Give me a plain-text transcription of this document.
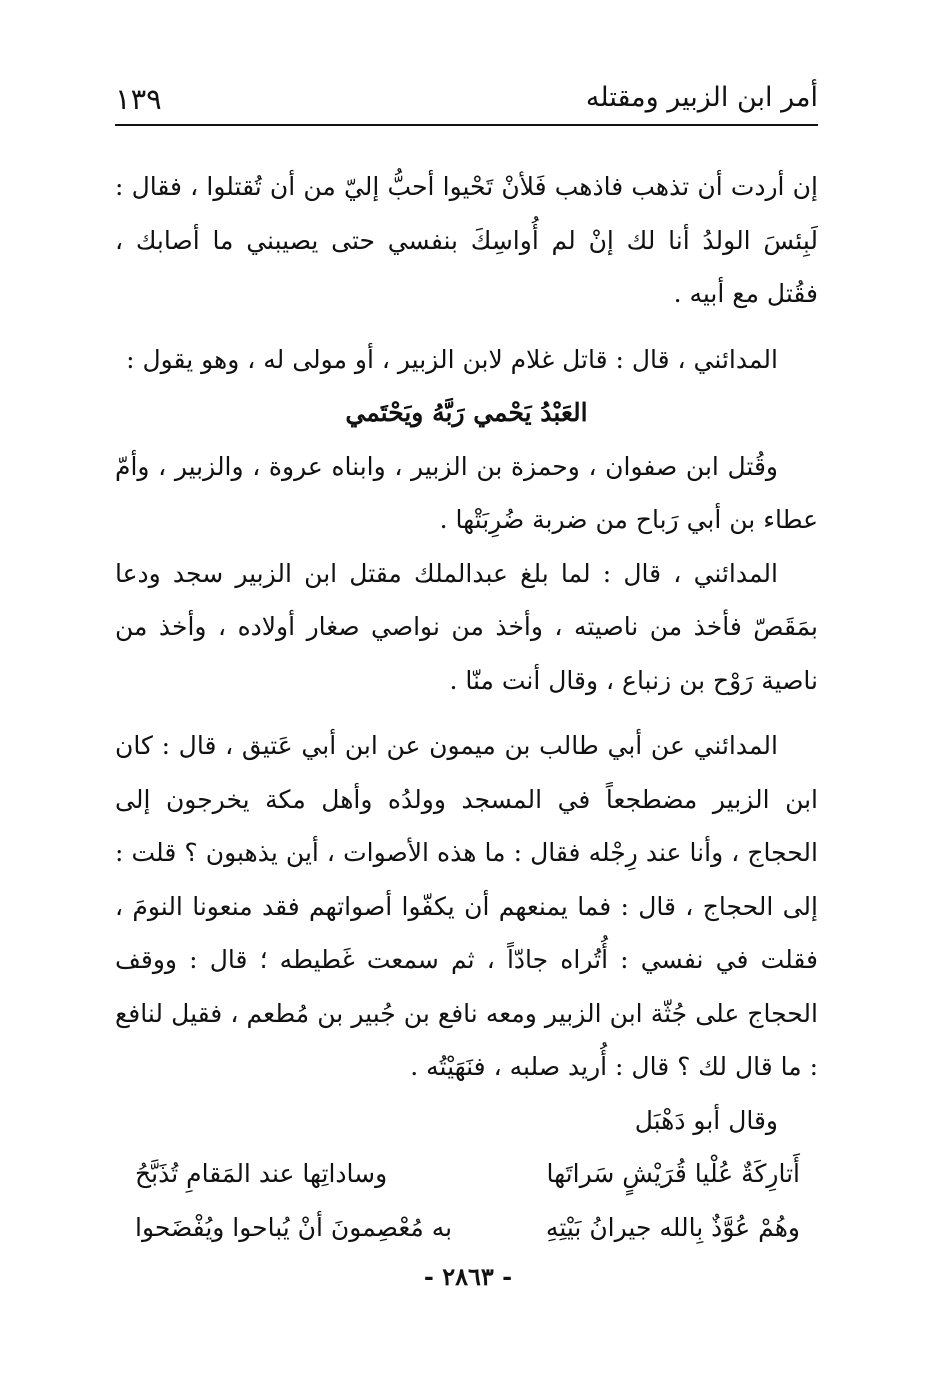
أمر ابن الزبير ومقتله
١٣٩

إن أردت أن تذهب فاذهب فَلأنْ تَحْيوا أحبُّ إليّ من أن تُقتلوا ، فقال : لَبِئسَ الولدُ أنا لك إنْ لم أُواسِكَ بنفسي حتى يصيبني ما أصابك ، فقُتل مع أبيه .

المدائني ، قال : قاتل غلام لابن الزبير ، أو مولى له ، وهو يقول :

العَبْدُ يَحْمي رَبَّهُ ويَحْتَمي

وقُتل ابن صفوان ، وحمزة بن الزبير ، وابناه عروة ، والزبير ، وأمّ عطاء بن أبي رَباح من ضربة ضُرِبَتْها .

المدائني ، قال : لما بلغ عبدالملك مقتل ابن الزبير سجد ودعا بمَقَصّ فأخذ من ناصيته ، وأخذ من نواصي صغار أولاده ، وأخذ من ناصية رَوْح بن زنباع ، وقال أنت منّا .

المدائني عن أبي طالب بن ميمون عن ابن أبي عَتيق ، قال : كان ابن الزبير مضطجعاً في المسجد وولدُه وأهل مكة يخرجون إلى الحجاج ، وأنا عند رِجْله فقال : ما هذه الأصوات ، أين يذهبون ؟ قلت : إلى الحجاج ، قال : فما يمنعهم أن يكفّوا أصواتهم فقد منعونا النومَ ، فقلت في نفسي : أُتُراه جادّاً ، ثم سمعت غَطيطه ؛ قال : ووقف الحجاج على جُثّة ابن الزبير ومعه نافع بن جُبير بن مُطعم ، فقيل لنافع : ما قال لك ؟ قال : أُريد صلبه ، فنَهَيْتُه .

وقال أبو دَهْبَل

أَتارِكَةٌ عُلْيا قُرَيْشٍ سَراتَها
وساداتِها عند المَقامِ تُذَبَّحُ
وهُمْ عُوَّذٌ بِالله جيرانُ بَيْتِهِ
به مُعْصِمونَ أنْ يُباحوا ويُفْضَحوا
- ٢٨٦٣ -
